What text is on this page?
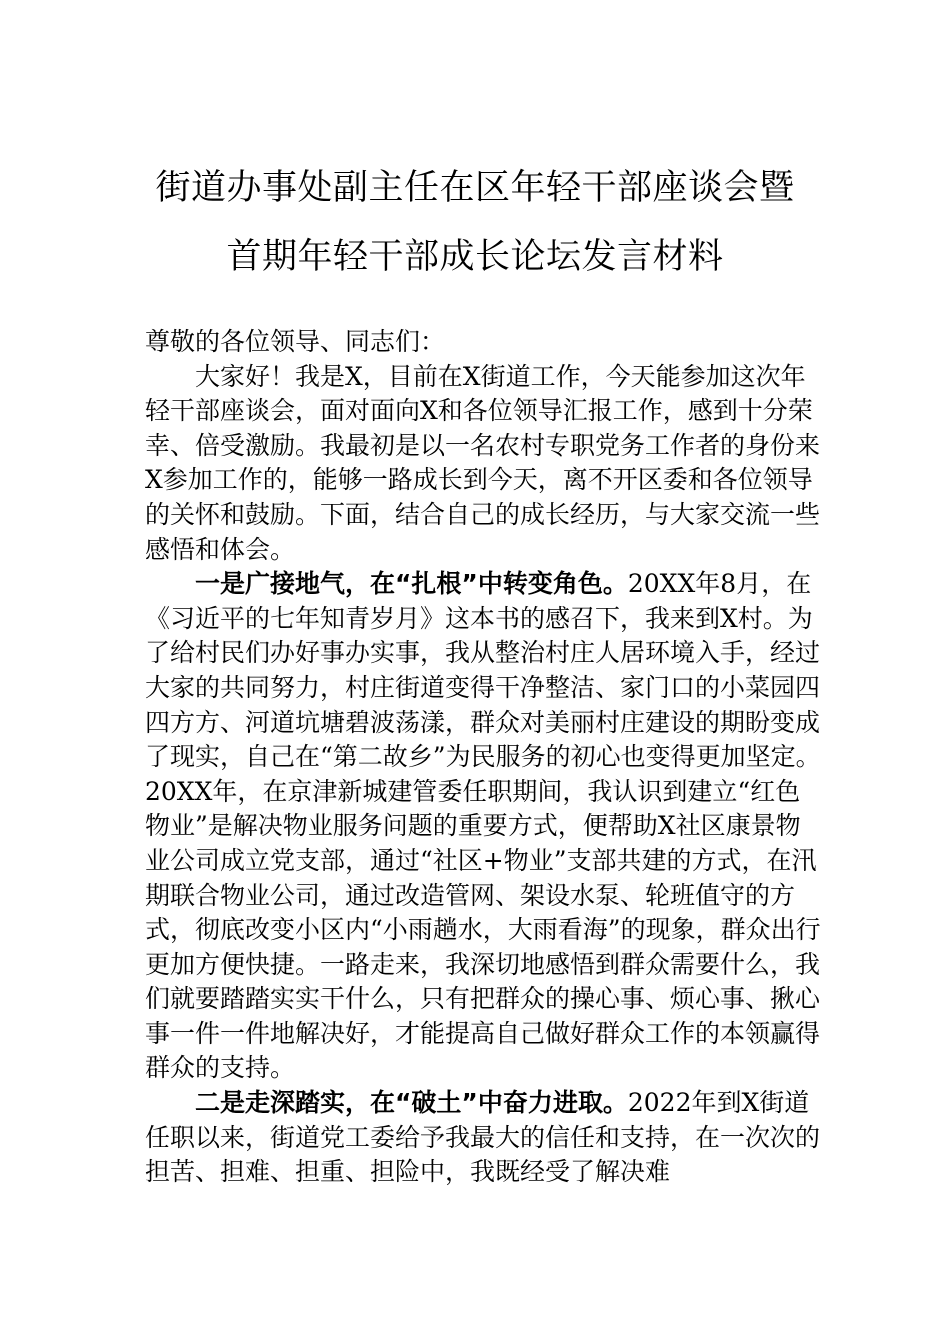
街道办事处副主任在区年轻干部座谈会暨
首期年轻干部成长论坛发言材料

尊敬的各位领导、同志们：

大家好！我是X，目前在X街道工作，今天能参加这次年轻干部座谈会，面对面向X和各位领导汇报工作，感到十分荣幸、倍受激励。我最初是以一名农村专职党务工作者的身份来X参加工作的，能够一路成长到今天，离不开区委和各位领导的关怀和鼓励。下面，结合自己的成长经历，与大家交流一些感悟和体会。

一是广接地气，在“扎根”中转变角色。20XX年8月，在《习近平的七年知青岁月》这本书的感召下，我来到X村。为了给村民们办好事办实事，我从整治村庄人居环境入手，经过大家的共同努力，村庄街道变得干净整洁、家门口的小菜园四四方方、河道坑塘碧波荡漾，群众对美丽村庄建设的期盼变成了现实，自己在“第二故乡”为民服务的初心也变得更加坚定。20XX年，在京津新城建管委任职期间，我认识到建立“红色物业”是解决物业服务问题的重要方式，便帮助X社区康景物业公司成立党支部，通过“社区+物业”支部共建的方式，在汛期联合物业公司，通过改造管网、架设水泵、轮班值守的方式，彻底改变小区内“小雨趟水，大雨看海”的现象，群众出行更加方便快捷。一路走来，我深切地感悟到群众需要什么，我们就要踏踏实实干什么，只有把群众的操心事、烦心事、揪心事一件一件地解决好，才能提高自己做好群众工作的本领赢得群众的支持。

二是走深踏实，在“破土”中奋力进取。2022年到X街道任职以来，街道党工委给予我最大的信任和支持，在一次次的担苦、担难、担重、担险中，我既经受了解决难
